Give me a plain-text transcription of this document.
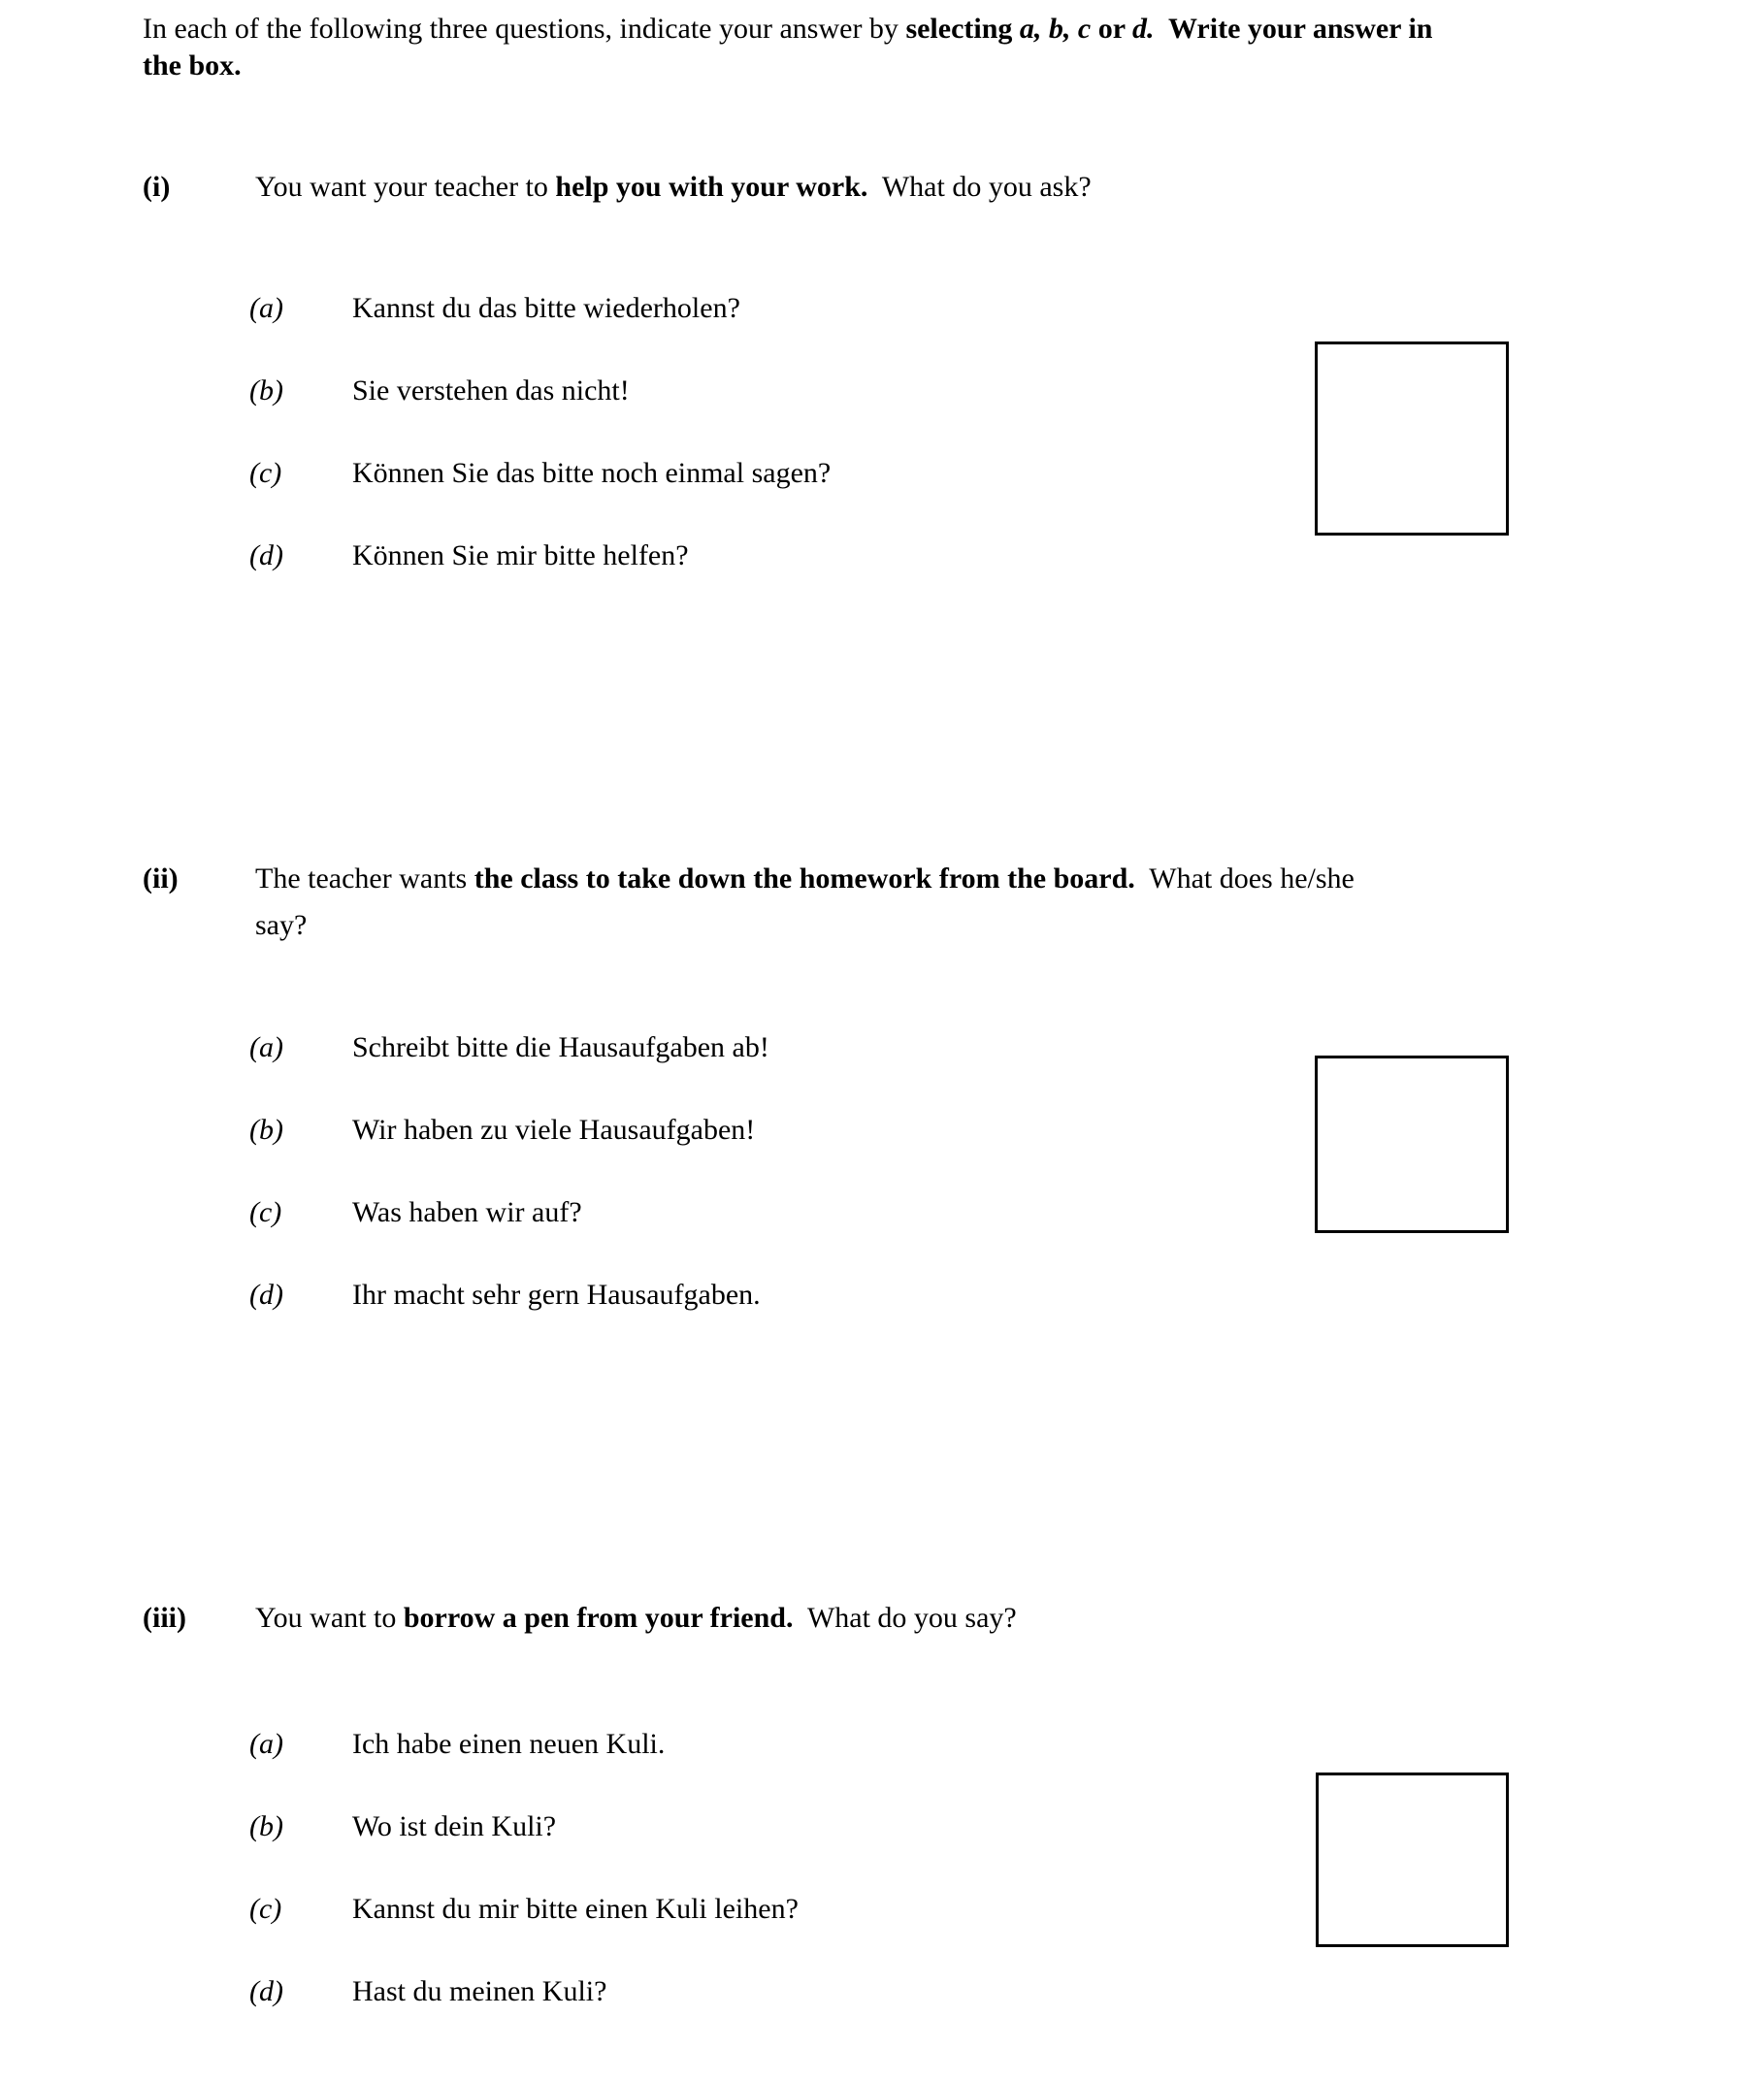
In each of the following three questions, indicate your answer by selecting a, b, c or d.  Write your answer in
the box.
(i)	You want your teacher to help you with your work.  What do you ask?
(a)	Kannst du das bitte wiederholen?
(b)	Sie verstehen das nicht!
(c)	Können Sie das bitte noch einmal sagen?
(d)	Können Sie mir bitte helfen?
(ii)	The teacher wants the class to take down the homework from the board.  What does he/she
say?
(a)	Schreibt bitte die Hausaufgaben ab!
(b)	Wir haben zu viele Hausaufgaben!
(c)	Was haben wir auf?
(d)	Ihr macht sehr gern Hausaufgaben.
(iii) You want to borrow a pen from your friend.  What do you say?
(a)	Ich habe einen neuen Kuli.
(b)	Wo ist dein Kuli?
(c)	Kannst du mir bitte einen Kuli leihen?
(d)	Hast du meinen Kuli?
